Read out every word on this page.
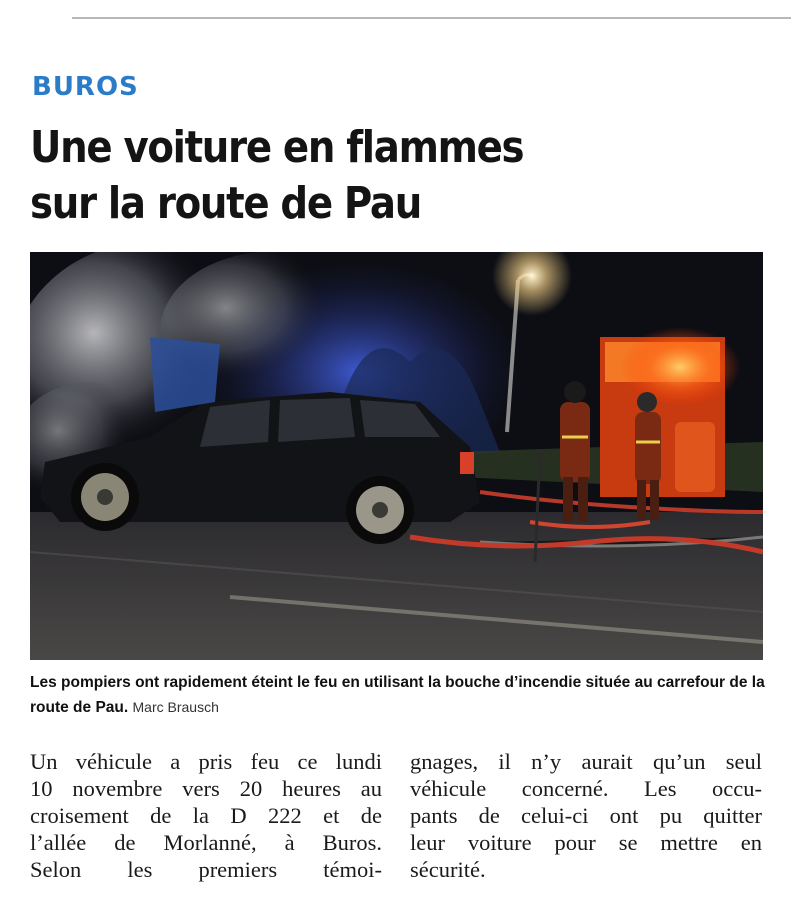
BUROS
Une voiture en flammes
sur la route de Pau
Les pompiers ont rapidement éteint le feu en utilisant la bouche d’incendie située au carrefour de la route de Pau. Marc Brausch

Un véhicule a pris feu ce lundi

10 novembre vers 20 heures au

croisement de la D 222 et de

l’allée de Morlanné, à Buros.

Selon les premiers témoi-

gnages, il n’y aurait qu’un seul

véhicule concerné. Les occu-

pants de celui-ci ont pu quitter

leur voiture pour se mettre en

sécurité.
